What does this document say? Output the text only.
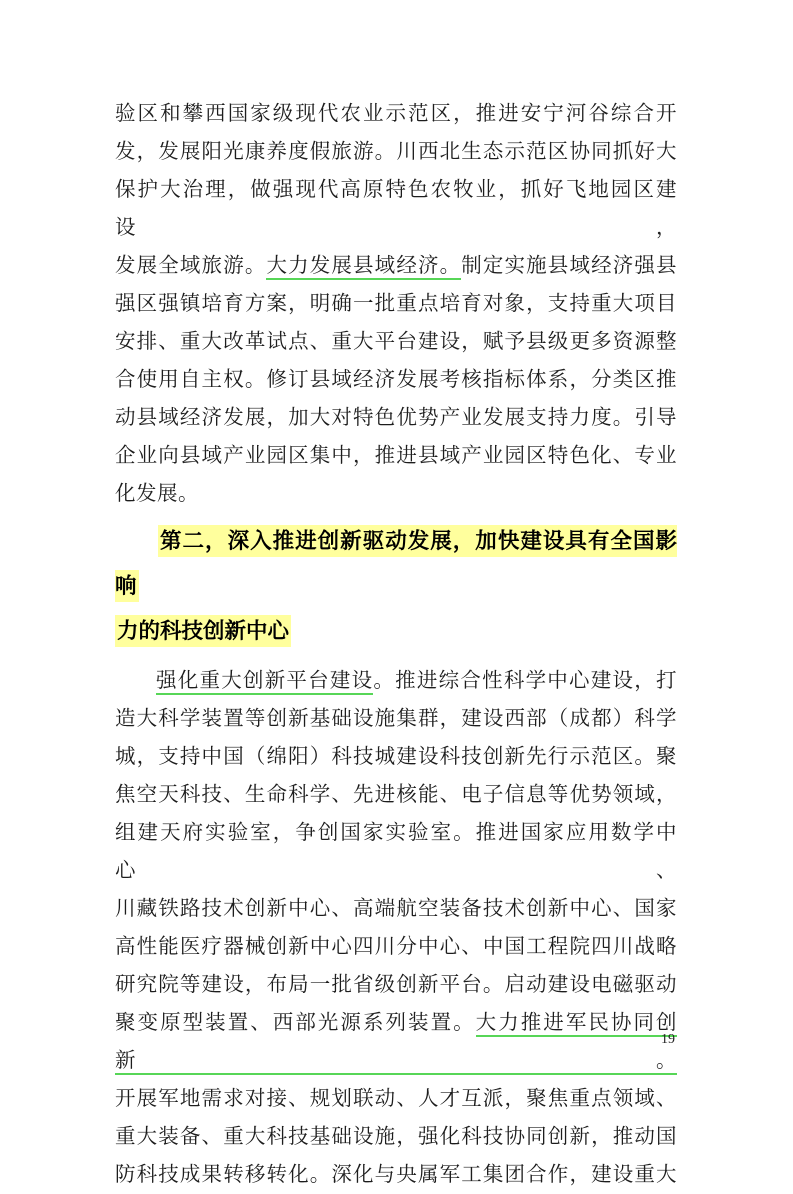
验区和攀西国家级现代农业示范区，推进安宁河谷综合开
发，发展阳光康养度假旅游。川西北生态示范区协同抓好大
保护大治理，做强现代高原特色农牧业，抓好飞地园区建设，
发展全域旅游。大力发展县域经济。制定实施县域经济强县
强区强镇培育方案，明确一批重点培育对象，支持重大项目
安排、重大改革试点、重大平台建设，赋予县级更多资源整
合使用自主权。修订县域经济发展考核指标体系，分类区推
动县域经济发展，加大对特色优势产业发展支持力度。引导
企业向县域产业园区集中，推进县域产业园区特色化、专业
化发展。
第二，深入推进创新驱动发展，加快建设具有全国影响
力的科技创新中心
强化重大创新平台建设。推进综合性科学中心建设，打
造大科学装置等创新基础设施集群，建设西部（成都）科学
城，支持中国（绵阳）科技城建设科技创新先行示范区。聚
焦空天科技、生命科学、先进核能、电子信息等优势领域，
组建天府实验室，争创国家实验室。推进国家应用数学中心、
川藏铁路技术创新中心、高端航空装备技术创新中心、国家
高性能医疗器械创新中心四川分中心、中国工程院四川战略
研究院等建设，布局一批省级创新平台。启动建设电磁驱动
聚变原型装置、西部光源系列装置。大力推进军民协同创新。
开展军地需求对接、规划联动、人才互派，聚焦重点领域、
重大装备、重大科技基础设施，强化科技协同创新，推动国
防科技成果转移转化。深化与央属军工集团合作，建设重大
19
